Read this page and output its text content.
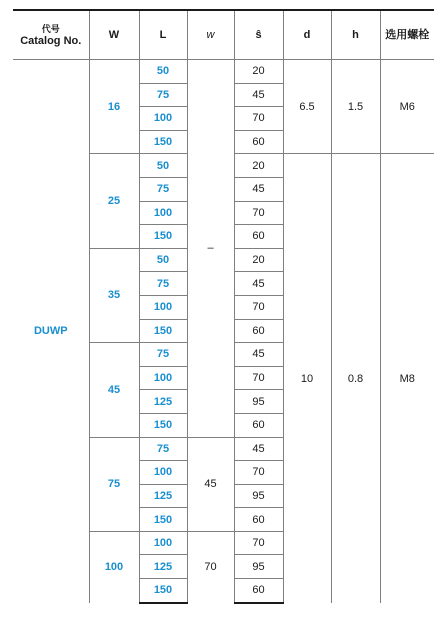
代号
Catalog No.	W	L	w	ŝ	d	h	选用螺栓
DUWP	16	50	–	20	6.5	1.5	M6
		75		45			
		100		70			
		150		60			
	25	50		20	10	0.8	M8
		75		45			
		100		70			
		150		60			
	35	50		20			
		75		45			
		100		70			
		150		60			
	45	75		45			
		100		70			
		125		95			
		150		60			
	75	75	45	45			
		100		70			
		125		95			
		150		60			
	100	100	70	70			
		125		95			
		150		60			
